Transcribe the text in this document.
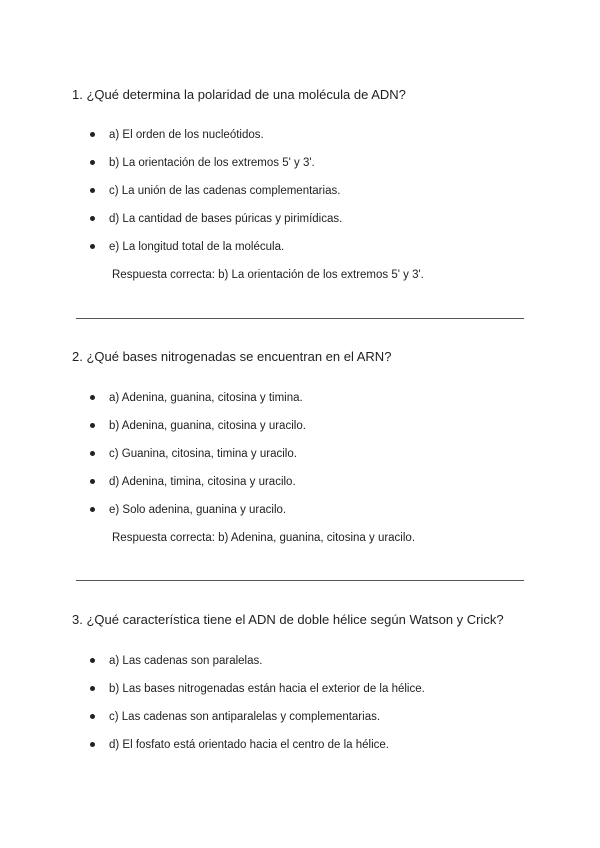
1. ¿Qué determina la polaridad de una molécula de ADN?
a) El orden de los nucleótidos.
b) La orientación de los extremos 5' y 3'.
c) La unión de las cadenas complementarias.
d) La cantidad de bases púricas y pirimídicas.
e) La longitud total de la molécula.
Respuesta correcta: b) La orientación de los extremos 5' y 3'.
2. ¿Qué bases nitrogenadas se encuentran en el ARN?
a) Adenina, guanina, citosina y timina.
b) Adenina, guanina, citosina y uracilo.
c) Guanina, citosina, timina y uracilo.
d) Adenina, timina, citosina y uracilo.
e) Solo adenina, guanina y uracilo.
Respuesta correcta: b) Adenina, guanina, citosina y uracilo.
3. ¿Qué característica tiene el ADN de doble hélice según Watson y Crick?
a) Las cadenas son paralelas.
b) Las bases nitrogenadas están hacia el exterior de la hélice.
c) Las cadenas son antiparalelas y complementarias.
d) El fosfato está orientado hacia el centro de la hélice.
